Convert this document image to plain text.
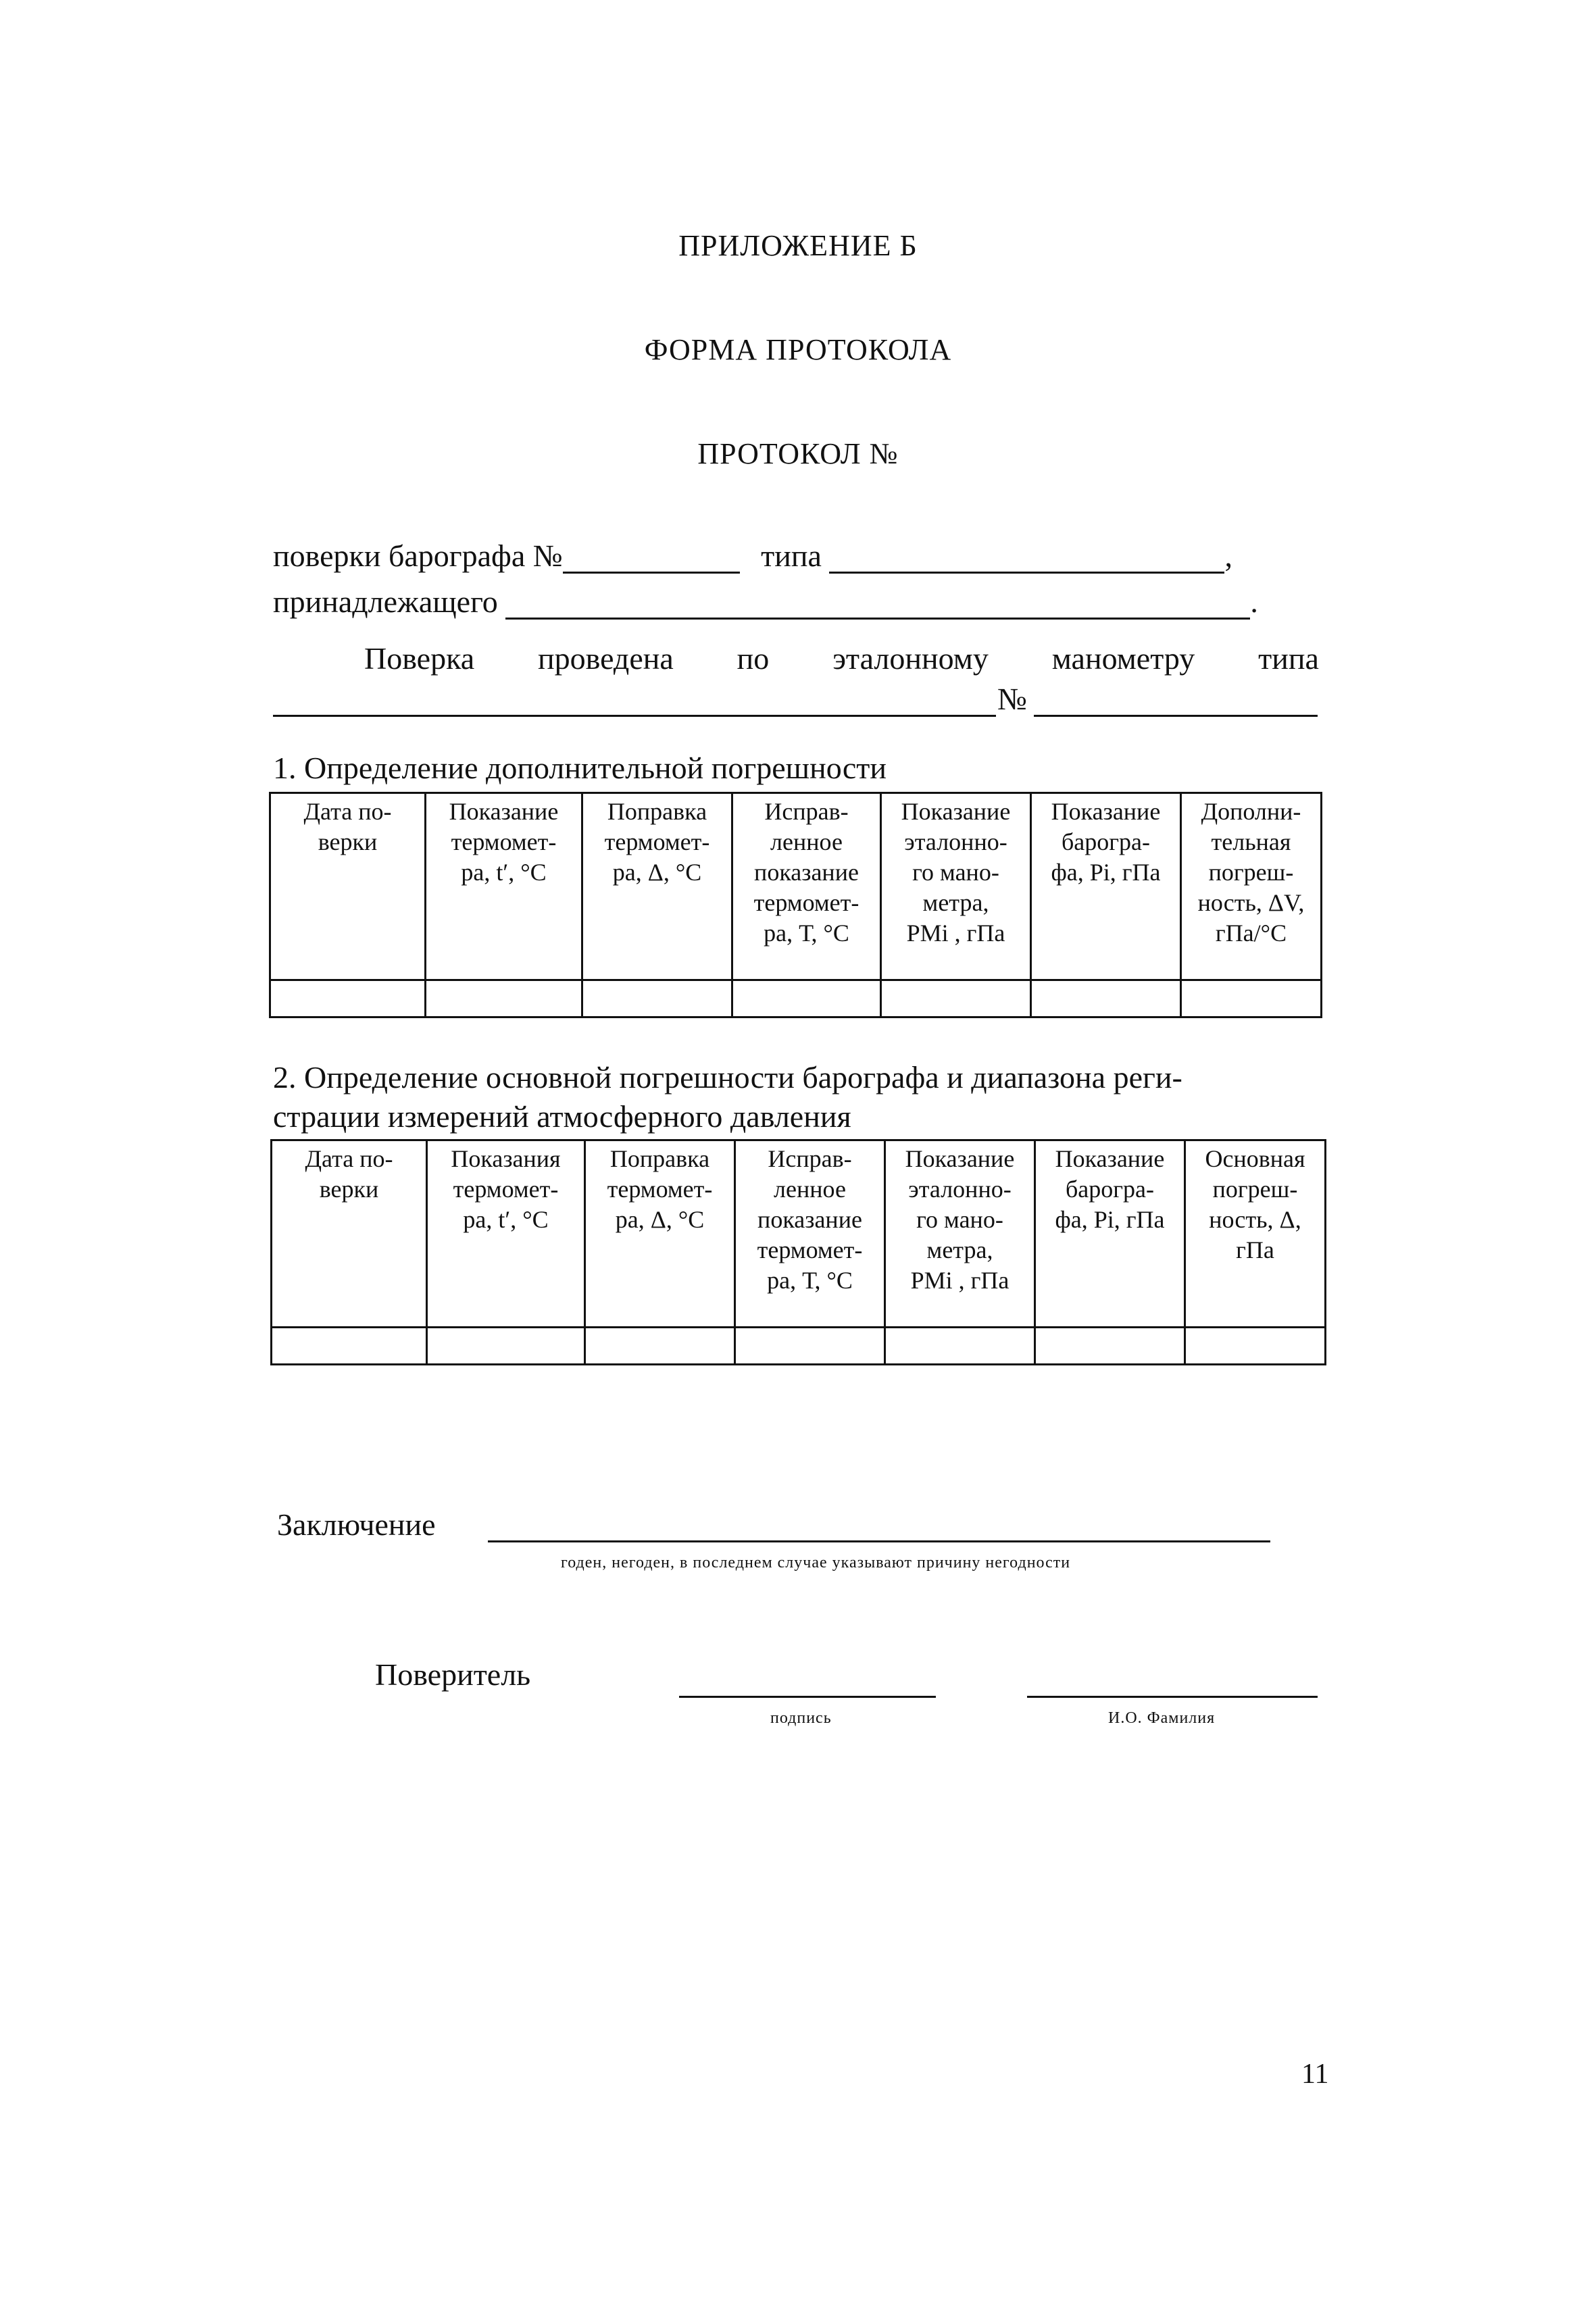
ПРИЛОЖЕНИЕ Б
ФОРМА ПРОТОКОЛА
ПРОТОКОЛ №
поверки барографа №	типа	,
принадлежащего	.
Поверка проведена по эталонному манометру типа
№
1. Определение дополнительной погрешности
Дата по-
верки	Показание
термомет-
ра, t′, °С	Поправка
термомет-
ра, Δ, °С	Исправ-
ленное
показание
термомет-
ра, Т, °С	Показание
эталонно-
го мано-
метра,
PМi , гПа	Показание
барогра-
фа, Pi, гПа	Дополни-
тельная
погреш-
ность, ΔV,
гПа/°С

2. Определение основной погрешности барографа и диапазона реги-
страции измерений атмосферного давления
Дата по-
верки	Показания
термомет-
ра, t′, °С	Поправка
термомет-
ра, Δ, °С	Исправ-
ленное
показание
термомет-
ра, Т, °С	Показание
эталонно-
го мано-
метра,
PМi , гПа	Показание
барогра-
фа, Pi, гПа	Основная
погреш-
ность, Δ,
гПа

Заключение
годен, негоден, в последнем случае указывают причину негодности
Поверитель
подпись	И.О. Фамилия
11
